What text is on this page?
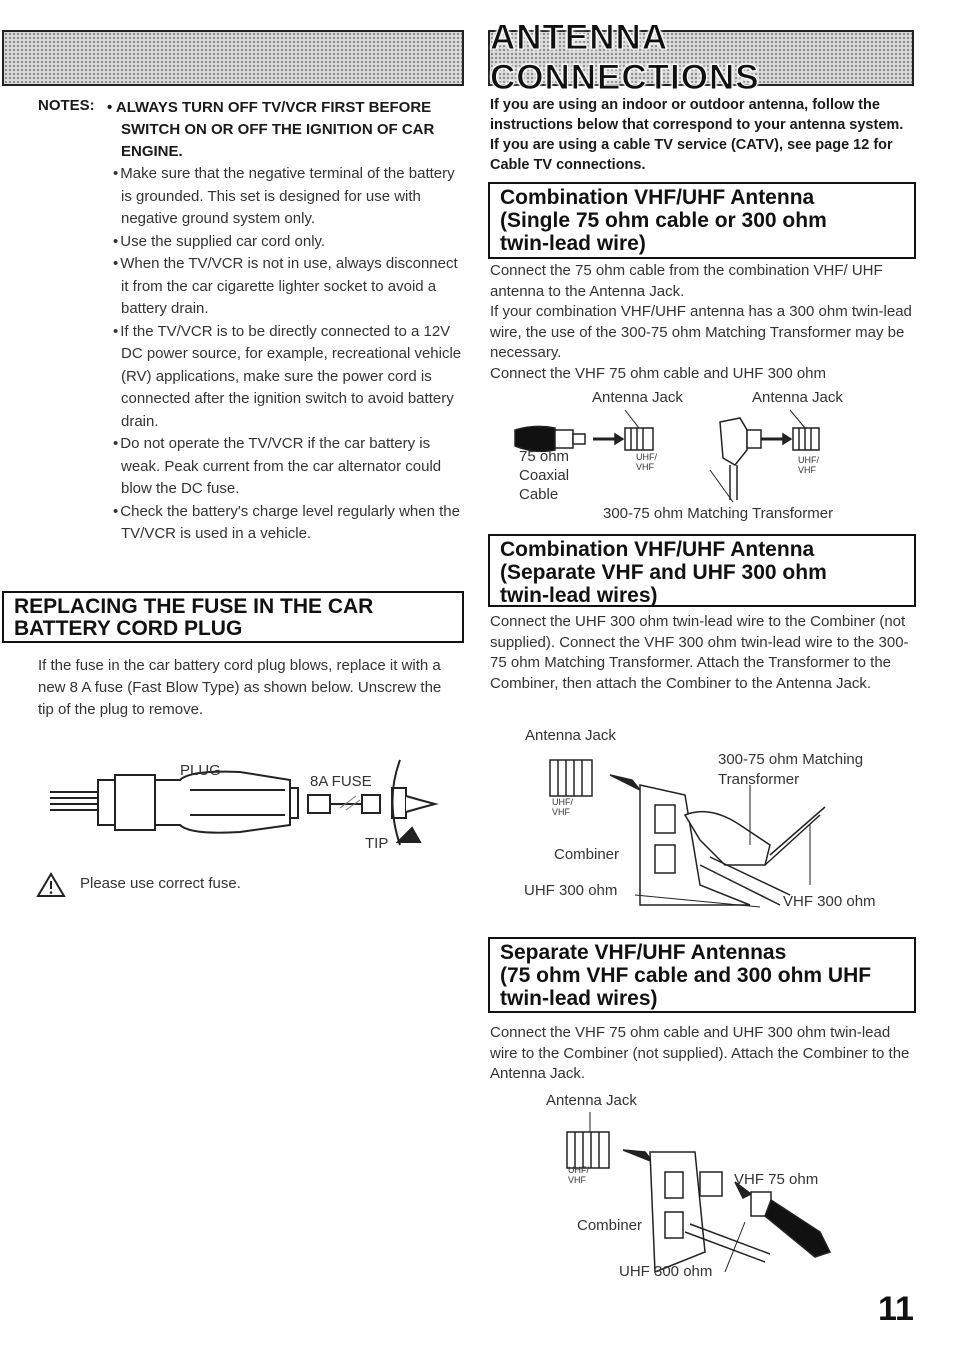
NOTES: • ALWAYS TURN OFF TV/VCR FIRST BEFORE
SWITCH ON OR OFF THE IGNITION OF CAR
ENGINE.
• Make sure that the negative terminal of the battery is grounded. This set is designed for use with negative ground system only.
• Use the supplied car cord only.
• When the TV/VCR is not in use, always disconnect it from the car cigarette lighter socket to avoid a battery drain.
• If the TV/VCR is to be directly connected to a 12V DC power source, for example, recreational vehicle (RV) applications, make sure the power cord is connected after the ignition switch to avoid battery drain.
• Do not operate the TV/VCR if the car battery is weak. Peak current from the car alternator could blow the DC fuse.
• Check the battery's charge level regularly when the TV/VCR is used in a vehicle.
REPLACING THE FUSE IN THE CAR
BATTERY CORD PLUG
If the fuse in the car battery cord plug blows, replace it with a new 8 A fuse (Fast Blow Type) as shown below. Unscrew the tip of the plug to remove.
PLUG
8A FUSE
TIP
Please use correct fuse.
ANTENNA CONNECTIONS
If you are using an indoor or outdoor antenna, follow the instructions below that correspond to your antenna system. If you are using a cable TV service (CATV), see page 12 for Cable TV connections.
Combination VHF/UHF Antenna
(Single 75 ohm cable or 300 ohm
twin-lead wire)
Connect the 75 ohm cable from the combination VHF/ UHF antenna to the Antenna Jack.
If your combination VHF/UHF antenna has a 300 ohm twin-lead wire, the use of the 300-75 ohm Matching Transformer may be necessary.
Connect the VHF 75 ohm cable and UHF 300 ohm
Antenna Jack	Antenna Jack
75 ohm
Coaxial
Cable
UHF/
VHF
UHF/
VHF
300-75 ohm Matching Transformer
Combination VHF/UHF Antenna
(Separate VHF and UHF 300 ohm
twin-lead wires)
Connect the UHF 300 ohm twin-lead wire to the Combiner (not supplied). Connect the VHF 300 ohm twin-lead wire to the 300-75 ohm Matching Transformer. Attach the Transformer to the Combiner, then attach the Combiner to the Antenna Jack.
Antenna Jack
300-75 ohm Matching
Transformer
UHF/
VHF
Combiner
UHF 300 ohm
VHF 300 ohm
Separate VHF/UHF Antennas
(75 ohm VHF cable and 300 ohm UHF
twin-lead wires)
Connect the VHF 75 ohm cable and UHF 300 ohm twin-lead wire to the Combiner (not supplied). Attach the Combiner to the Antenna Jack.
Antenna Jack
UHF/
VHF	VHF 75 ohm
Combiner
UHF 300 ohm
11
